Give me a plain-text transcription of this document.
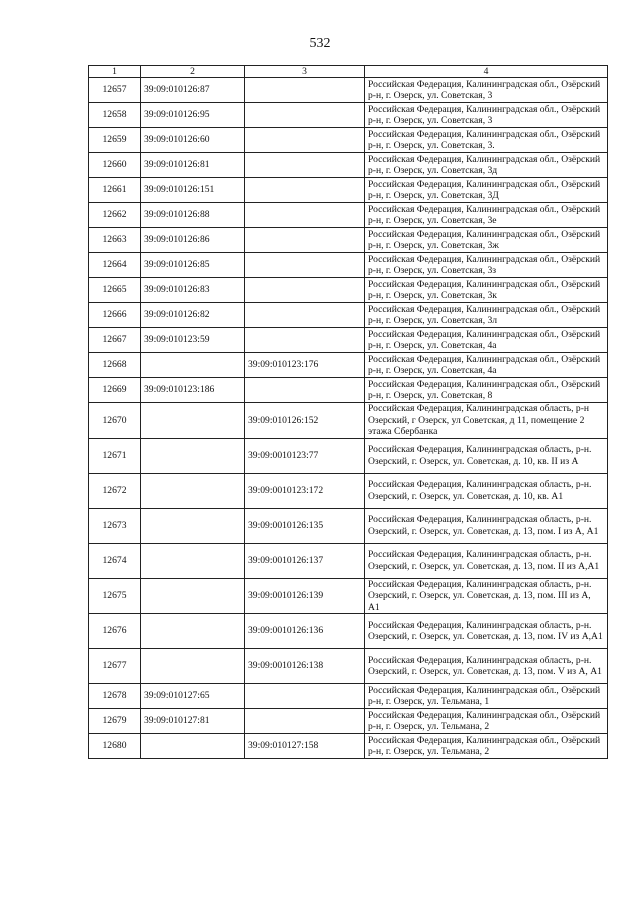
532
1	2	3	4
12657	39:09:010126:87		Российская Федерация, Калининградская обл., Озёрский р-н, г. Озерск, ул. Советская, 3
12658	39:09:010126:95		Российская Федерация, Калининградская обл., Озёрский р-н, г. Озерск, ул. Советская, 3
12659	39:09:010126:60		Российская Федерация, Калининградская обл., Озёрский р-н, г. Озерск, ул. Советская, 3.
12660	39:09:010126:81		Российская Федерация, Калининградская обл., Озёрский р-н, г. Озерск, ул. Советская, 3д
12661	39:09:010126:151		Российская Федерация, Калининградская обл., Озёрский р-н, г. Озерск, ул. Советская, 3Д
12662	39:09:010126:88		Российская Федерация, Калининградская обл., Озёрский р-н, г. Озерск, ул. Советская, 3е
12663	39:09:010126:86		Российская Федерация, Калининградская обл., Озёрский р-н, г. Озерск, ул. Советская, 3ж
12664	39:09:010126:85		Российская Федерация, Калининградская обл., Озёрский р-н, г. Озерск, ул. Советская, 3з
12665	39:09:010126:83		Российская Федерация, Калининградская обл., Озёрский р-н, г. Озерск, ул. Советская, 3к
12666	39:09:010126:82		Российская Федерация, Калининградская обл., Озёрский р-н, г. Озерск, ул. Советская, 3л
12667	39:09:010123:59		Российская Федерация, Калининградская обл., Озёрский р-н, г. Озерск, ул. Советская, 4а
12668		39:09:010123:176	Российская Федерация, Калининградская обл., Озёрский р-н, г. Озерск, ул. Советская, 4а
12669	39:09:010123:186		Российская Федерация, Калининградская обл., Озёрский р-н, г. Озерск, ул. Советская, 8
12670		39:09:010126:152	Российская Федерация, Калининградская область, р-н Озерский, г Озерск, ул Советская, д 11, помещение 2 этажа Сбербанка
12671		39:09:0010123:77	Российская Федерация, Калининградская область, р-н. Озерский, г. Озерск, ул. Советская, д. 10, кв. II из А
12672		39:09:0010123:172	Российская Федерация, Калининградская область, р-н. Озерский, г. Озерск, ул. Советская, д. 10, кв. А1
12673		39:09:0010126:135	Российская Федерация, Калининградская область, р-н. Озерский, г. Озерск, ул. Советская, д. 13, пом. I из А, А1
12674		39:09:0010126:137	Российская Федерация, Калининградская область, р-н. Озерский, г. Озерск, ул. Советская, д. 13, пом. II из А,А1
12675		39:09:0010126:139	Российская Федерация, Калининградская область, р-н. Озерский, г. Озерск, ул. Советская, д. 13, пом. III из А, А1
12676		39:09:0010126:136	Российская Федерация, Калининградская область, р-н. Озерский, г. Озерск, ул. Советская, д. 13, пом. IV из А,А1
12677		39:09:0010126:138	Российская Федерация, Калининградская область, р-н. Озерский, г. Озерск, ул. Советская, д. 13, пом. V из А, А1
12678	39:09:010127:65		Российская Федерация, Калининградская обл., Озёрский р-н, г. Озерск, ул. Тельмана, 1
12679	39:09:010127:81		Российская Федерация, Калининградская обл., Озёрский р-н, г. Озерск, ул. Тельмана, 2
12680		39:09:010127:158	Российская Федерация, Калининградская обл., Озёрский р-н, г. Озерск, ул. Тельмана, 2
